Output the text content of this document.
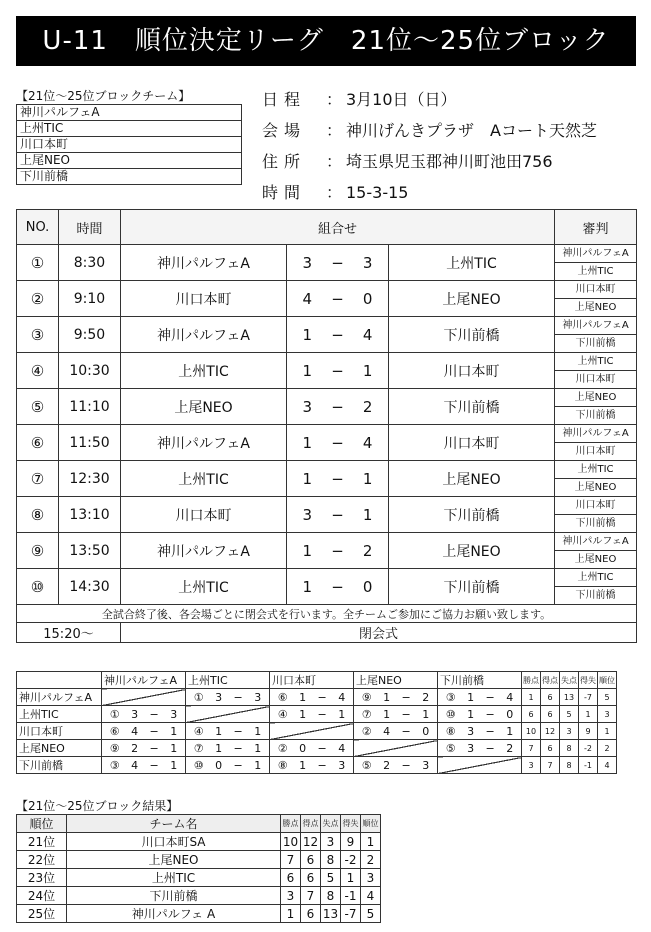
U-11　順位決定リーグ　21位〜25位ブロック
【21位〜25位ブロックチーム】
神川パルフェA
上州TIC
川口本町
上尾NEO
下川前橋
日程 ： 3月10日（日）
会場 ： 神川げんきプラザ　Aコート天然芝
住所 ： 埼玉県児玉郡神川町池田756
時間 ： 15-3-15
NO.	時間	組合せ			審判
①	8:30	神川パルフェA	3 − 3	上州TIC	神川パルフェA
					上州TIC
②	9:10	川口本町	4 − 0	上尾NEO	川口本町
					上尾NEO
③	9:50	神川パルフェA	1 − 4	下川前橋	神川パルフェA
					下川前橋
④	10:30	上州TIC	1 − 1	川口本町	上州TIC
					川口本町
⑤	11:10	上尾NEO	3 − 2	下川前橋	上尾NEO
					下川前橋
⑥	11:50	神川パルフェA	1 − 4	川口本町	神川パルフェA
					川口本町
⑦	12:30	上州TIC	1 − 1	上尾NEO	上州TIC
					上尾NEO
⑧	13:10	川口本町	3 − 1	下川前橋	川口本町
					下川前橋
⑨	13:50	神川パルフェA	1 − 2	上尾NEO	神川パルフェA
					上尾NEO
⑩	14:30	上州TIC	1 − 0	下川前橋	上州TIC
					下川前橋
全試合終了後、各会場ごとに閉会式を行います。全チームご参加にご協力お願い致します。					
15:20〜		閉会式			
	神川パルフェA	上州TIC	川口本町	上尾NEO	下川前橋	勝点	得点	失点	得失	順位
神川パルフェA		① 3 − 3	⑥ 1 − 4	⑨ 1 − 2	③ 1 − 4	1	6	13	-7	5
上州TIC	① 3 − 3		④ 1 − 1	⑦ 1 − 1	⑩ 1 − 0	6	6	5	1	3
川口本町	⑥ 4 − 1	④ 1 − 1		② 4 − 0	⑧ 3 − 1	10	12	3	9	1
上尾NEO	⑨ 2 − 1	⑦ 1 − 1	② 0 − 4		⑤ 3 − 2	7	6	8	-2	2
下川前橋	③ 4 − 1	⑩ 0 − 1	⑧ 1 − 3	⑤ 2 − 3		3	7	8	-1	4
【21位〜25位ブロック結果】
順位	チーム名	勝点	得点	失点	得失	順位
21位	川口本町SA	10	12	3	9	1
22位	上尾NEO	7	6	8	-2	2
23位	上州TIC	6	6	5	1	3
24位	下川前橋	3	7	8	-1	4
25位	神川パルフェ A	1	6	13	-7	5
